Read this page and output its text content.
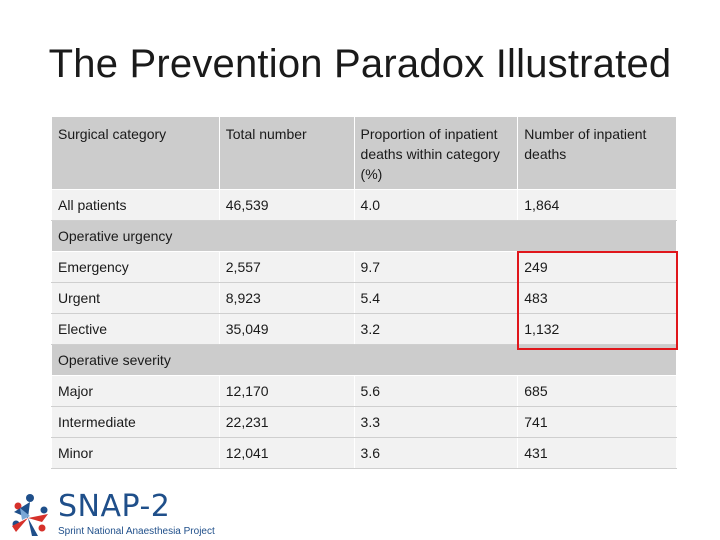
The Prevention Paradox Illustrated
Surgical category	Total number	Proportion of inpatient deaths within category (%)	Number of inpatient deaths
All patients	46,539	4.0	1,864
Operative urgency			
Emergency	2,557	9.7	249
Urgent	8,923	5.4	483
Elective	35,049	3.2	1,132
Operative severity			
Major	12,170	5.6	685
Intermediate	22,231	3.3	741
Minor	12,041	3.6	431
SNAP-2
Sprint National Anaesthesia Project
